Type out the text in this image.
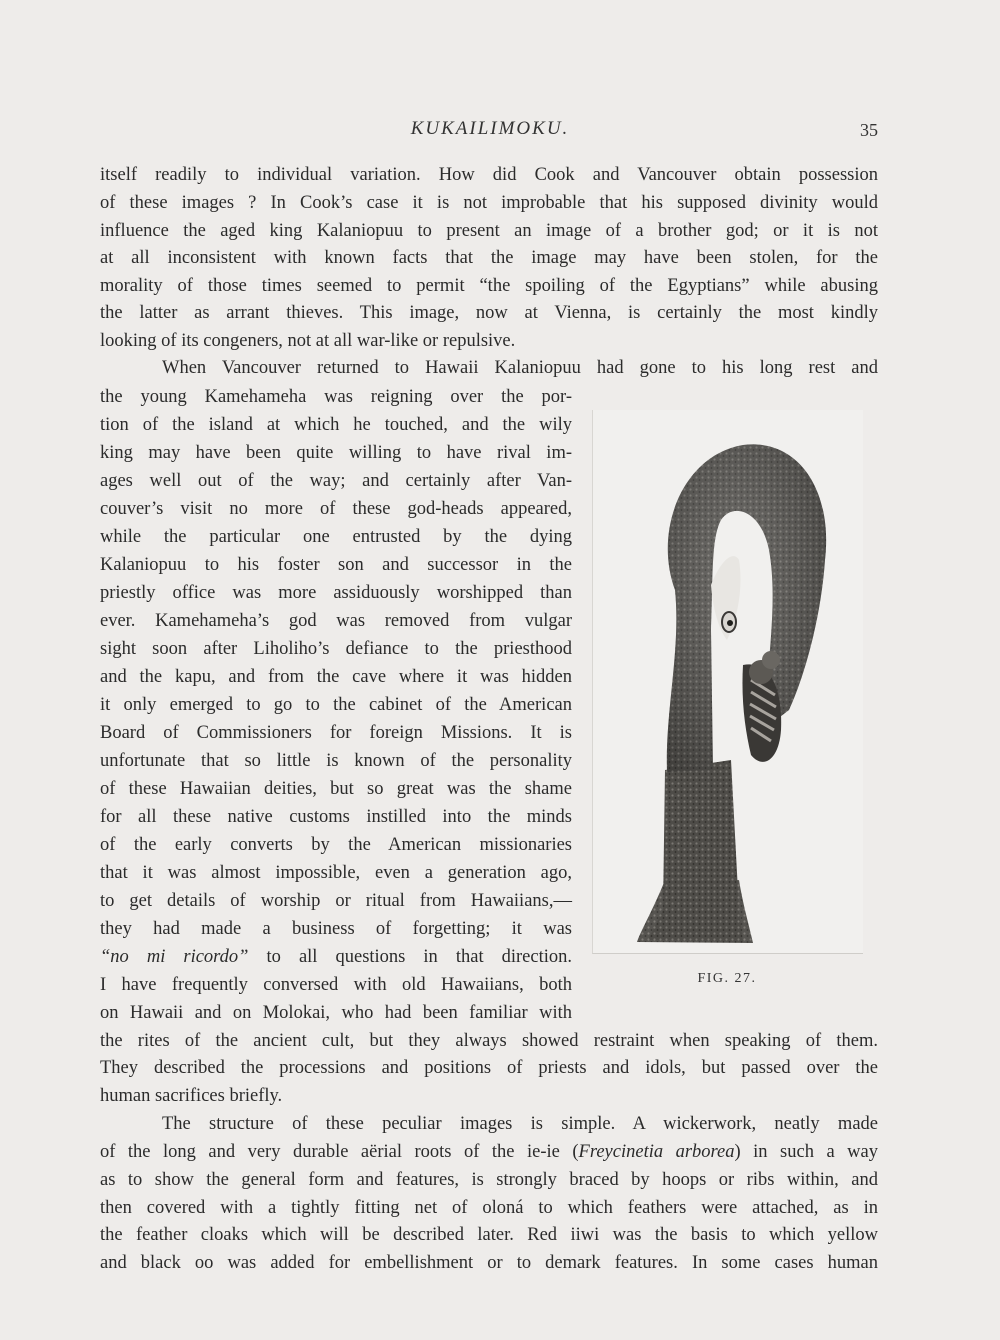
KUKAILIMOKU.	35
itself readily to individual variation. How did Cook and Vancouver obtain possession
of these images ? In Cook’s case it is not improbable that his supposed divinity would
influence the aged king Kalaniopuu to present an image of a brother god; or it is not
at all inconsistent with known facts that the image may have been stolen, for the
morality of those times seemed to permit “the spoiling of the Egyptians” while abusing
the latter as arrant thieves. This image, now at Vienna, is certainly the most kindly
looking of its congeners, not at all war-like or repulsive.
When Vancouver returned to Hawaii Kalaniopuu had gone to his long rest and
the young Kamehameha was reigning over the por-
tion of the island at which he touched, and the wily
king may have been quite willing to have rival im-
ages well out of the way; and certainly after Van-
couver’s visit no more of these god-heads appeared,
while the particular one entrusted by the dying
Kalaniopuu to his foster son and successor in the
priestly office was more assiduously worshipped than
ever. Kamehameha’s god was removed from vulgar
sight soon after Liholiho’s defiance to the priesthood
and the kapu, and from the cave where it was hidden
it only emerged to go to the cabinet of the American
Board of Commissioners for foreign Missions. It is
unfortunate that so little is known of the personality
of these Hawaiian deities, but so great was the shame
for all these native customs instilled into the minds
of the early converts by the American missionaries
that it was almost impossible, even a generation ago,
to get details of worship or ritual from Hawaiians,—
they had made a business of forgetting; it was
“no mi ricordo” to all questions in that direction.
I have frequently conversed with old Hawaiians, both
on Hawaii and on Molokai, who had been familiar with
the rites of the ancient cult, but they always showed restraint when speaking of them.
They described the processions and positions of priests and idols, but passed over the
human sacrifices briefly.
The structure of these peculiar images is simple. A wickerwork, neatly made
of the long and very durable aërial roots of the ie-ie (Freycinetia arborea) in such a way
as to show the general form and features, is strongly braced by hoops or ribs within, and
then covered with a tightly fitting net of oloná to which feathers were attached, as in
the feather cloaks which will be described later. Red iiwi was the basis to which yellow
and black oo was added for embellishment or to demark features. In some cases human
FIG. 27.
